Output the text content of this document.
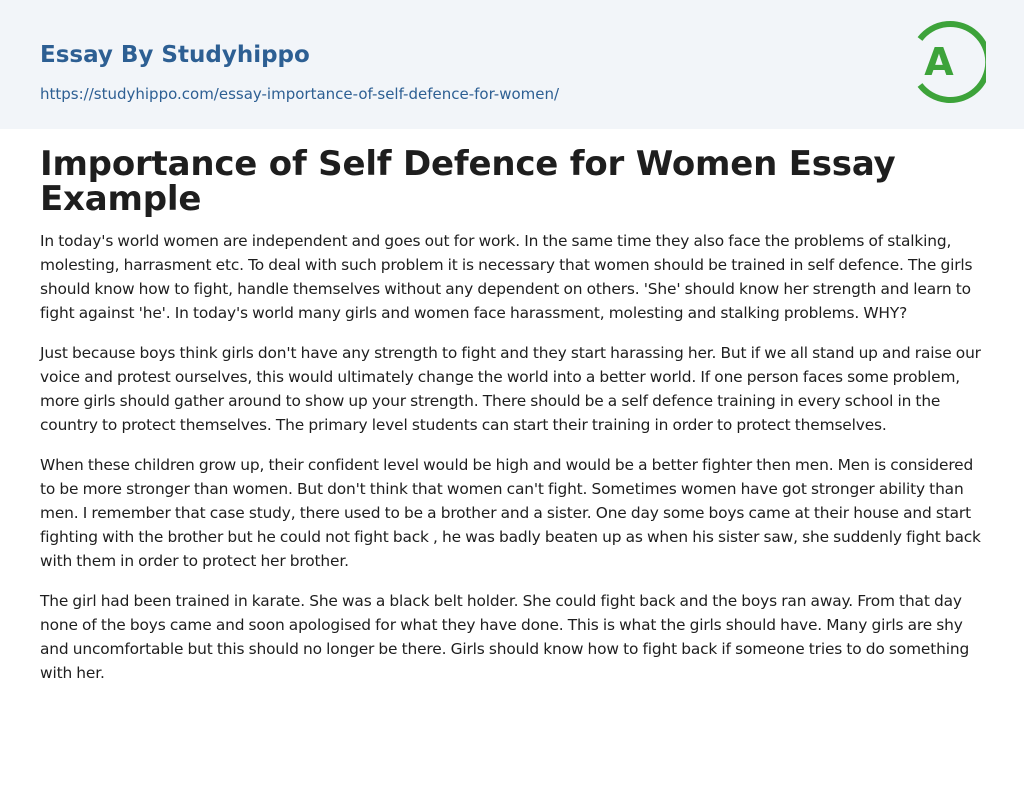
Essay By Studyhippo
https://studyhippo.com/essay-importance-of-self-defence-for-women/
A
Importance of Self Defence for Women Essay Example

In today's world women are independent and goes out for work. In the same time they also face the problems of stalking, molesting, harrasment etc. To deal with such problem it is necessary that women should be trained in self defence. The girls should know how to fight, handle themselves without any dependent on others. 'She' should know her strength and learn to fight against 'he'. In today's world many girls and women face harassment, molesting and stalking problems. WHY?

Just because boys think girls don't have any strength to fight and they start harassing her. But if we all stand up and raise our voice and protest ourselves, this would ultimately change the world into a better world. If one person faces some problem, more girls should gather around to show up your strength. There should be a self defence training in every school in the country to protect themselves. The primary level students can start their training in order to protect themselves.

When these children grow up, their confident level would be high and would be a better fighter then men. Men is considered to be more stronger than women. But don't think that women can't fight. Sometimes women have got stronger ability than men. I remember that case study, there used to be a brother and a sister. One day some boys came at their house and start fighting with the brother but he could not fight back , he was badly beaten up as when his sister saw, she suddenly fight back with them in order to protect her brother.

The girl had been trained in karate. She was a black belt holder. She could fight back and the boys ran away. From that day none of the boys came and soon apologised for what they have done. This is what the girls should have. Many girls are shy and uncomfortable but this should no longer be there. Girls should know how to fight back if someone tries to do something with her.
